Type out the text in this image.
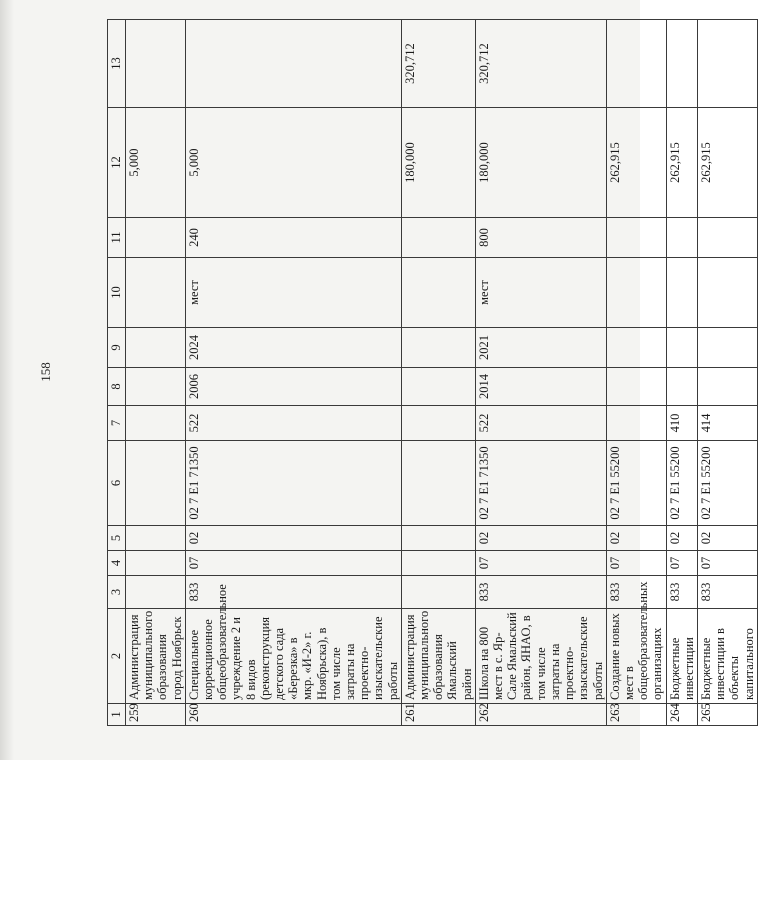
158
1	2	3	4	5	6	7	8	9	10	11	12	13
259	Администрация муниципального образования город Ноябрьск										5,000	
260	Специальное коррекционное общеобразовательное учреждение 2 и 8 видов (реконструкция детского сада «Березка» в мкр. «И-2» г. Ноябрьска), в том числе затраты на проектно-изыскательские работы	833	07	02	02 7 Е1 71350	522	2006	2024	мест	240	5,000	
261	Администрация муниципального образования Ямальский район										180,000	320,712
262	Школа на 800 мест в с. Яр-Сале Ямальский район, ЯНАО, в том числе затраты на проектно-изыскательские работы	833	07	02	02 7 Е1 71350	522	2014	2021	мест	800	180,000	320,712
263	Создание новых мест в общеобразовательных организациях	833	07	02	02 7 Е1 55200						262,915	
264	Бюджетные инвестиции	833	07	02	02 7 Е1 55200	410					262,915	
265	Бюджетные инвестиции в объекты капитального	833	07	02	02 7 Е1 55200	414					262,915	
